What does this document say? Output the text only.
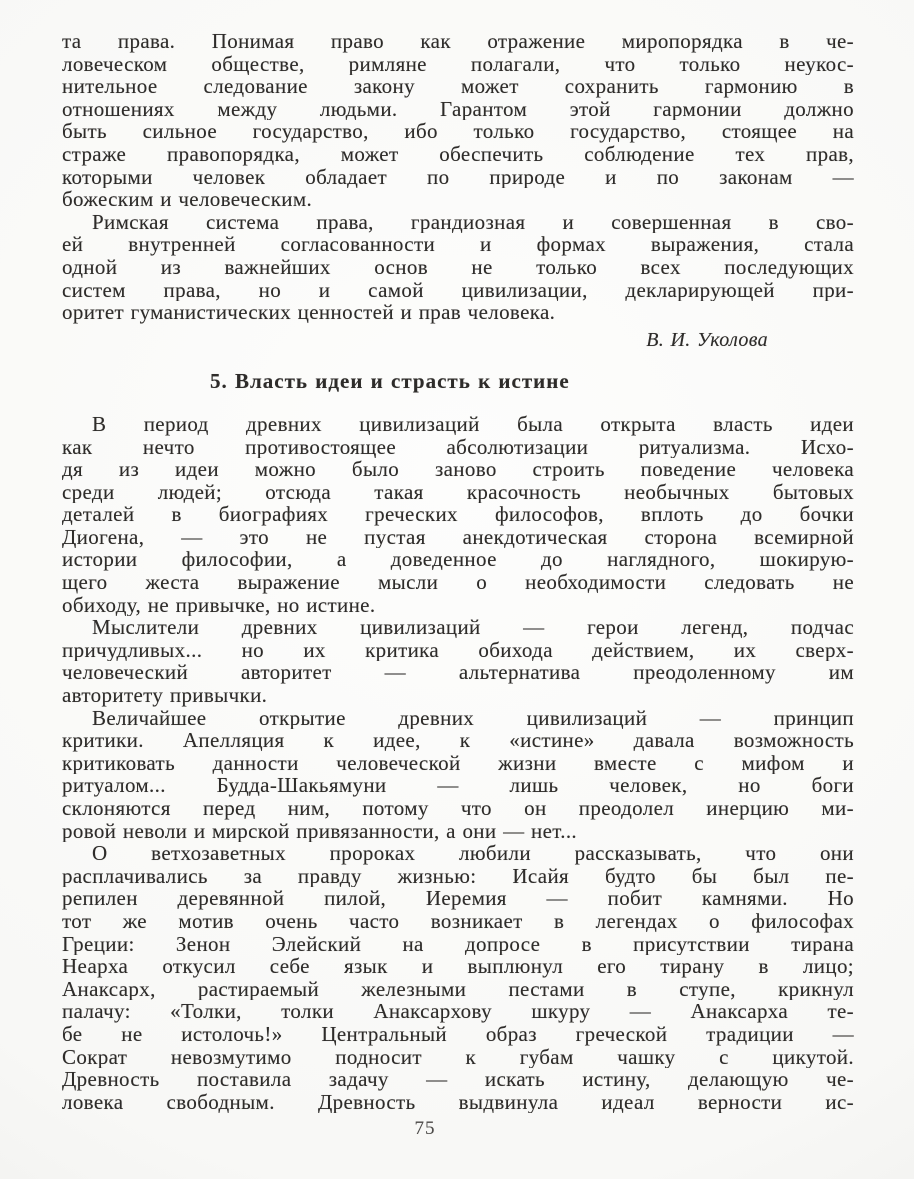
та права. Понимая право как отражение миропорядка в че-
ловеческом обществе, римляне полагали, что только неукос-
нительное следование закону может сохранить гармонию в
отношениях между людьми. Гарантом этой гармонии должно
быть сильное государство, ибо только государство, стоящее на
страже правопорядка, может обеспечить соблюдение тех прав,
которыми человек обладает по природе и по законам —
божеским и человеческим.
Римская система права, грандиозная и совершенная в сво-
ей внутренней согласованности и формах выражения, стала
одной из важнейших основ не только всех последующих
систем права, но и самой цивилизации, декларирующей при-
оритет гуманистических ценностей и прав человека.
В. И. Уколова
5. Власть идеи и страсть к истине
В период древних цивилизаций была открыта власть идеи
как нечто противостоящее абсолютизации ритуализма. Исхо-
дя из идеи можно было заново строить поведение человека
среди людей; отсюда такая красочность необычных бытовых
деталей в биографиях греческих философов, вплоть до бочки
Диогена, — это не пустая анекдотическая сторона всемирной
истории философии, а доведенное до наглядного, шокирую-
щего жеста выражение мысли о необходимости следовать не
обиходу, не привычке, но истине.
Мыслители древних цивилизаций — герои легенд, подчас
причудливых... но их критика обихода действием, их сверх-
человеческий авторитет — альтернатива преодоленному им
авторитету привычки.
Величайшее открытие древних цивилизаций — принцип
критики. Апелляция к идее, к «истине» давала возможность
критиковать данности человеческой жизни вместе с мифом и
ритуалом... Будда-Шакьямуни — лишь человек, но боги
склоняются перед ним, потому что он преодолел инерцию ми-
ровой неволи и мирской привязанности, а они — нет...
О ветхозаветных пророках любили рассказывать, что они
расплачивались за правду жизнью: Исайя будто бы был пе-
репилен деревянной пилой, Иеремия — побит камнями. Но
тот же мотив очень часто возникает в легендах о философах
Греции: Зенон Элейский на допросе в присутствии тирана
Неарха откусил себе язык и выплюнул его тирану в лицо;
Анаксарх, растираемый железными пестами в ступе, крикнул
палачу: «Толки, толки Анаксархову шкуру — Анаксарха те-
бе не истолочь!» Центральный образ греческой традиции —
Сократ невозмутимо подносит к губам чашку с цикутой.
Древность поставила задачу — искать истину, делающую че-
ловека свободным. Древность выдвинула идеал верности ис-
75
